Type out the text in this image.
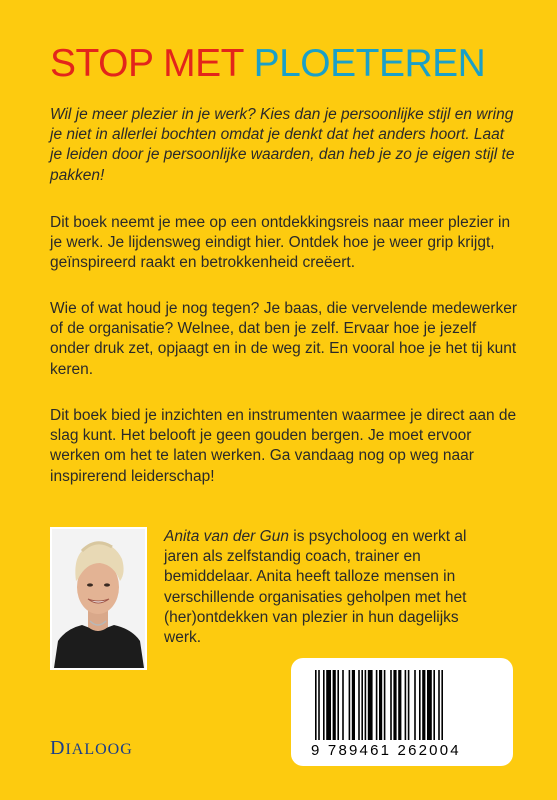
STOP MET PLOETEREN

Wil je meer plezier in je werk? Kies dan je persoonlijke stijl en wring je niet in allerlei bochten omdat je denkt dat het anders hoort. Laat je leiden door je persoonlijke waarden, dan heb je zo je eigen stijl te pakken!

Dit boek neemt je mee op een ontdekkingsreis naar meer plezier in je werk. Je lijdensweg eindigt hier. Ontdek hoe je weer grip krijgt, geïnspireerd raakt en betrokkenheid creëert.

Wie of wat houd je nog tegen? Je baas, die vervelende medewerker of de organisatie? Welnee, dat ben je zelf. Ervaar hoe je jezelf onder druk zet, opjaagt en in de weg zit. En vooral hoe je het tij kunt keren.

Dit boek bied je inzichten en instrumenten waarmee je direct aan de slag kunt. Het belooft je geen gouden bergen. Je moet ervoor werken om het te laten werken. Ga vandaag nog op weg naar inspirerend leiderschap!

Anita van der Gun is psycholoog en werkt al jaren als zelfstandig coach, trainer en bemiddelaar. Anita heeft talloze mensen in verschillende organisaties geholpen met het (her)ontdekken van plezier in hun dagelijks werk.

DIALOOG	9 789461 262004
